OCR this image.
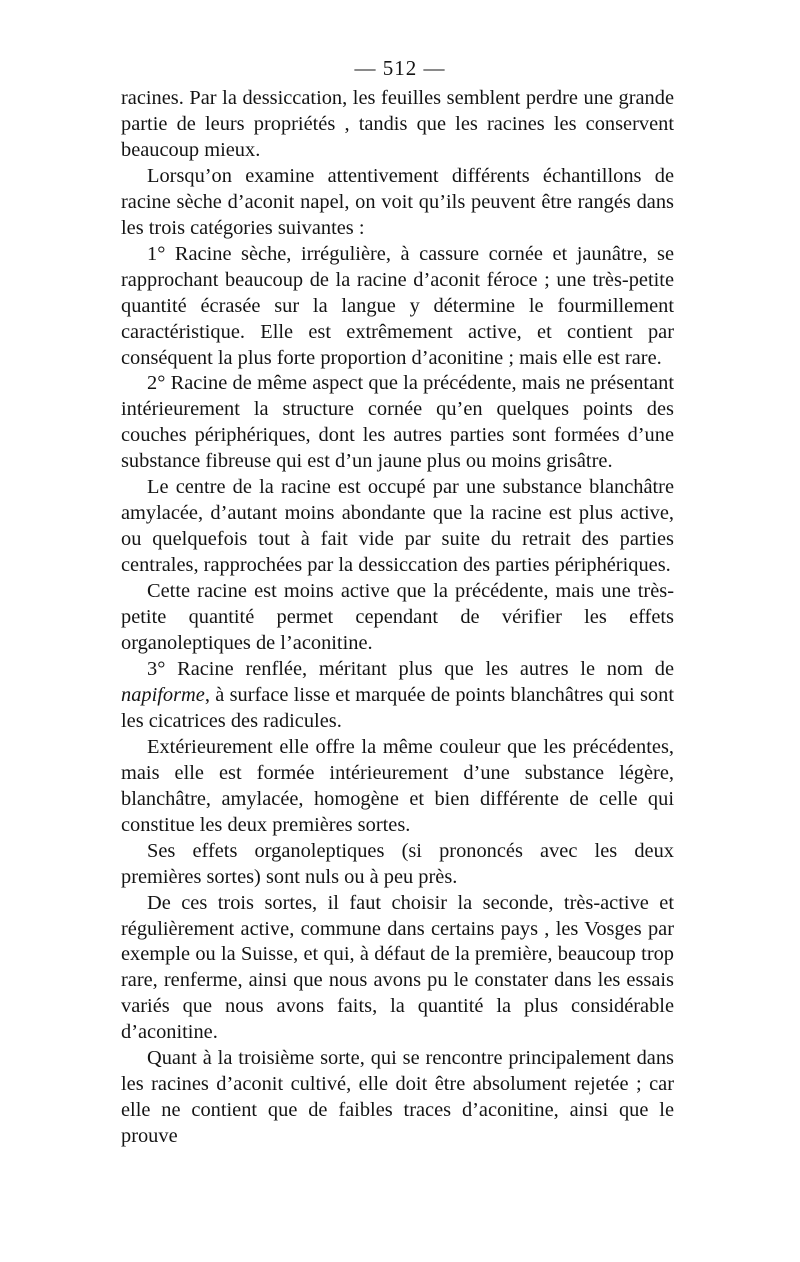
— 512 —

racines. Par la dessiccation, les feuilles semblent perdre une grande partie de leurs propriétés , tandis que les racines les conservent beaucoup mieux.

Lorsqu’on examine attentivement différents échantillons de racine sèche d’aconit napel, on voit qu’ils peuvent être rangés dans les trois catégories suivantes :

1° Racine sèche, irrégulière, à cassure cornée et jaunâtre, se rapprochant beaucoup de la racine d’aconit féroce ; une très-petite quantité écrasée sur la langue y détermine le fourmillement caractéristique. Elle est extrêmement active, et contient par conséquent la plus forte proportion d’aconitine ; mais elle est rare.

2° Racine de même aspect que la précédente, mais ne présentant intérieurement la structure cornée qu’en quelques points des couches périphériques, dont les autres parties sont formées d’une substance fibreuse qui est d’un jaune plus ou moins grisâtre.

Le centre de la racine est occupé par une substance blanchâtre amylacée, d’autant moins abondante que la racine est plus active, ou quelquefois tout à fait vide par suite du retrait des parties centrales, rapprochées par la dessiccation des parties périphériques.

Cette racine est moins active que la précédente, mais une très-petite quantité permet cependant de vérifier les effets organoleptiques de l’aconitine.

3° Racine renflée, méritant plus que les autres le nom de napiforme, à surface lisse et marquée de points blanchâtres qui sont les cicatrices des radicules.

Extérieurement elle offre la même couleur que les précédentes, mais elle est formée intérieurement d’une substance légère, blanchâtre, amylacée, homogène et bien différente de celle qui constitue les deux premières sortes.

Ses effets organoleptiques (si prononcés avec les deux premières sortes) sont nuls ou à peu près.

De ces trois sortes, il faut choisir la seconde, très-active et régulièrement active, commune dans certains pays , les Vosges par exemple ou la Suisse, et qui, à défaut de la première, beaucoup trop rare, renferme, ainsi que nous avons pu le constater dans les essais variés que nous avons faits, la quantité la plus considérable d’aconitine.

Quant à la troisième sorte, qui se rencontre principalement dans les racines d’aconit cultivé, elle doit être absolument rejetée ; car elle ne contient que de faibles traces d’aconitine, ainsi que le prouve
